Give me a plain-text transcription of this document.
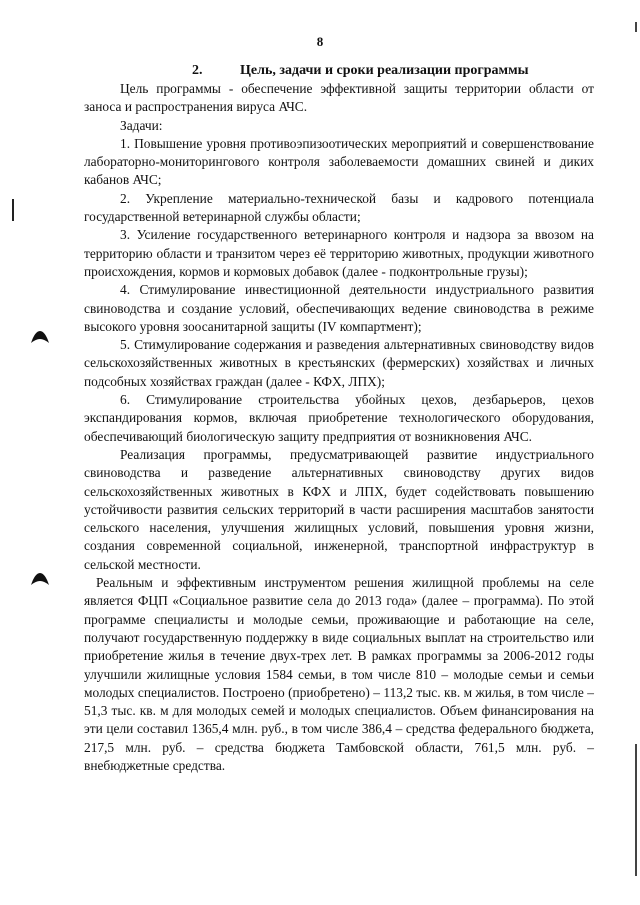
8
2.	Цель, задачи и сроки реализации программы

Цель программы - обеспечение эффективной защиты территории области от заноса и распространения вируса АЧС.

Задачи:

1. Повышение уровня противоэпизоотических мероприятий и совершенствование лабораторно-мониторингового контроля заболеваемости домашних свиней и диких кабанов АЧС;

2. Укрепление материально-технической базы и кадрового потенциала государственной ветеринарной службы области;

3. Усиление государственного ветеринарного контроля и надзора за ввозом на территорию области и транзитом через её территорию животных, продукции животного происхождения, кормов и кормовых добавок (далее - подконтрольные грузы);

4. Стимулирование инвестиционной деятельности индустриального развития свиноводства и создание условий, обеспечивающих ведение свиноводства в режиме высокого уровня зоосанитарной защиты (IV компартмент);

5. Стимулирование содержания и разведения альтернативных свиноводству видов сельскохозяйственных животных в крестьянских (фермерских) хозяйствах и личных подсобных хозяйствах граждан (далее - КФХ, ЛПХ);

6. Стимулирование строительства убойных цехов, дезбарьеров, цехов экспандирования кормов, включая приобретение технологического оборудования, обеспечивающий биологическую защиту предприятия от возникновения АЧС.

Реализация программы, предусматривающей развитие индустриального свиноводства и разведение альтернативных свиноводству других видов сельскохозяйственных животных в КФХ и ЛПХ, будет содействовать повышению устойчивости развития сельских территорий в части расширения масштабов занятости сельского населения, улучшения жилищных условий, повышения уровня жизни, создания современной социальной, инженерной, транспортной инфраструктур в сельской местности.

Реальным и эффективным инструментом решения жилищной проблемы на селе является ФЦП «Социальное развитие села до 2013 года» (далее – программа). По этой программе специалисты и молодые семьи, проживающие и работающие на селе, получают государственную поддержку в виде социальных выплат на строительство или приобретение жилья в течение двух-трех лет. В рамках программы за 2006-2012 годы улучшили жилищные условия 1584 семьи, в том числе 810 – молодые семьи и семьи молодых специалистов. Построено (приобретено) – 113,2 тыс. кв. м жилья, в том числе – 51,3 тыс. кв. м для молодых семей и молодых специалистов. Объем финансирования на эти цели составил 1365,4 млн. руб., в том числе 386,4 – средства федерального бюджета, 217,5 млн. руб. – средства бюджета Тамбовской области, 761,5 млн. руб. – внебюджетные средства.
